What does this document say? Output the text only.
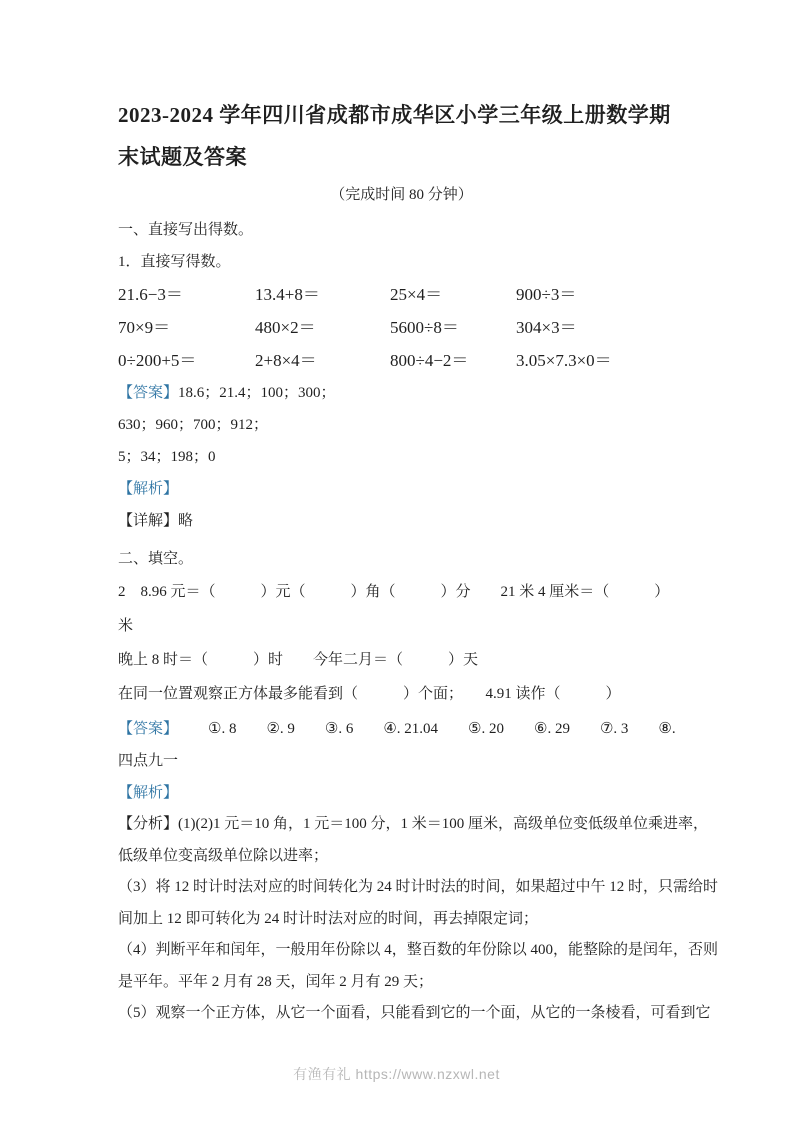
2023-2024 学年四川省成都市成华区小学三年级上册数学期
末试题及答案
（完成时间 80 分钟）
一、直接写出得数。
1．直接写得数。
21.6−3＝	13.4+8＝	25×4＝	900÷3＝
70×9＝	480×2＝	5600÷8＝	304×3＝
0÷200+5＝	2+8×4＝	800÷4−2＝	3.05×7.3×0＝
【答案】18.6；21.4；100；300；
630；960；700；912；
5；34；198；0
【解析】
【详解】略
二、填空。
2　8.96 元＝（　　　）元（　　　）角（　　　）分　　21 米 4 厘米＝（　　　）
米
晚上 8 时＝（　　　）时　　今年二月＝（　　　）天
在同一位置观察正方体最多能看到（　　　）个面；　　4.91 读作（　　　）
【答案】 ①. 8　　②. 9　　③. 6　　④. 21.04　　⑤. 20　　⑥. 29　　⑦. 3　　⑧.
四点九一
【解析】
【分析】(1)(2)1 元＝10 角，1 元＝100 分，1 米＝100 厘米，高级单位变低级单位乘进率，
低级单位变高级单位除以进率；
（3）将 12 时计时法对应的时间转化为 24 时计时法的时间，如果超过中午 12 时，只需给时
间加上 12 即可转化为 24 时计时法对应的时间，再去掉限定词；
（4）判断平年和闰年，一般用年份除以 4，整百数的年份除以 400，能整除的是闰年，否则
是平年。平年 2 月有 28 天，闰年 2 月有 29 天；
（5）观察一个正方体，从它一个面看，只能看到它的一个面，从它的一条棱看，可看到它
有渔有礼 https://www.nzxwl.net
